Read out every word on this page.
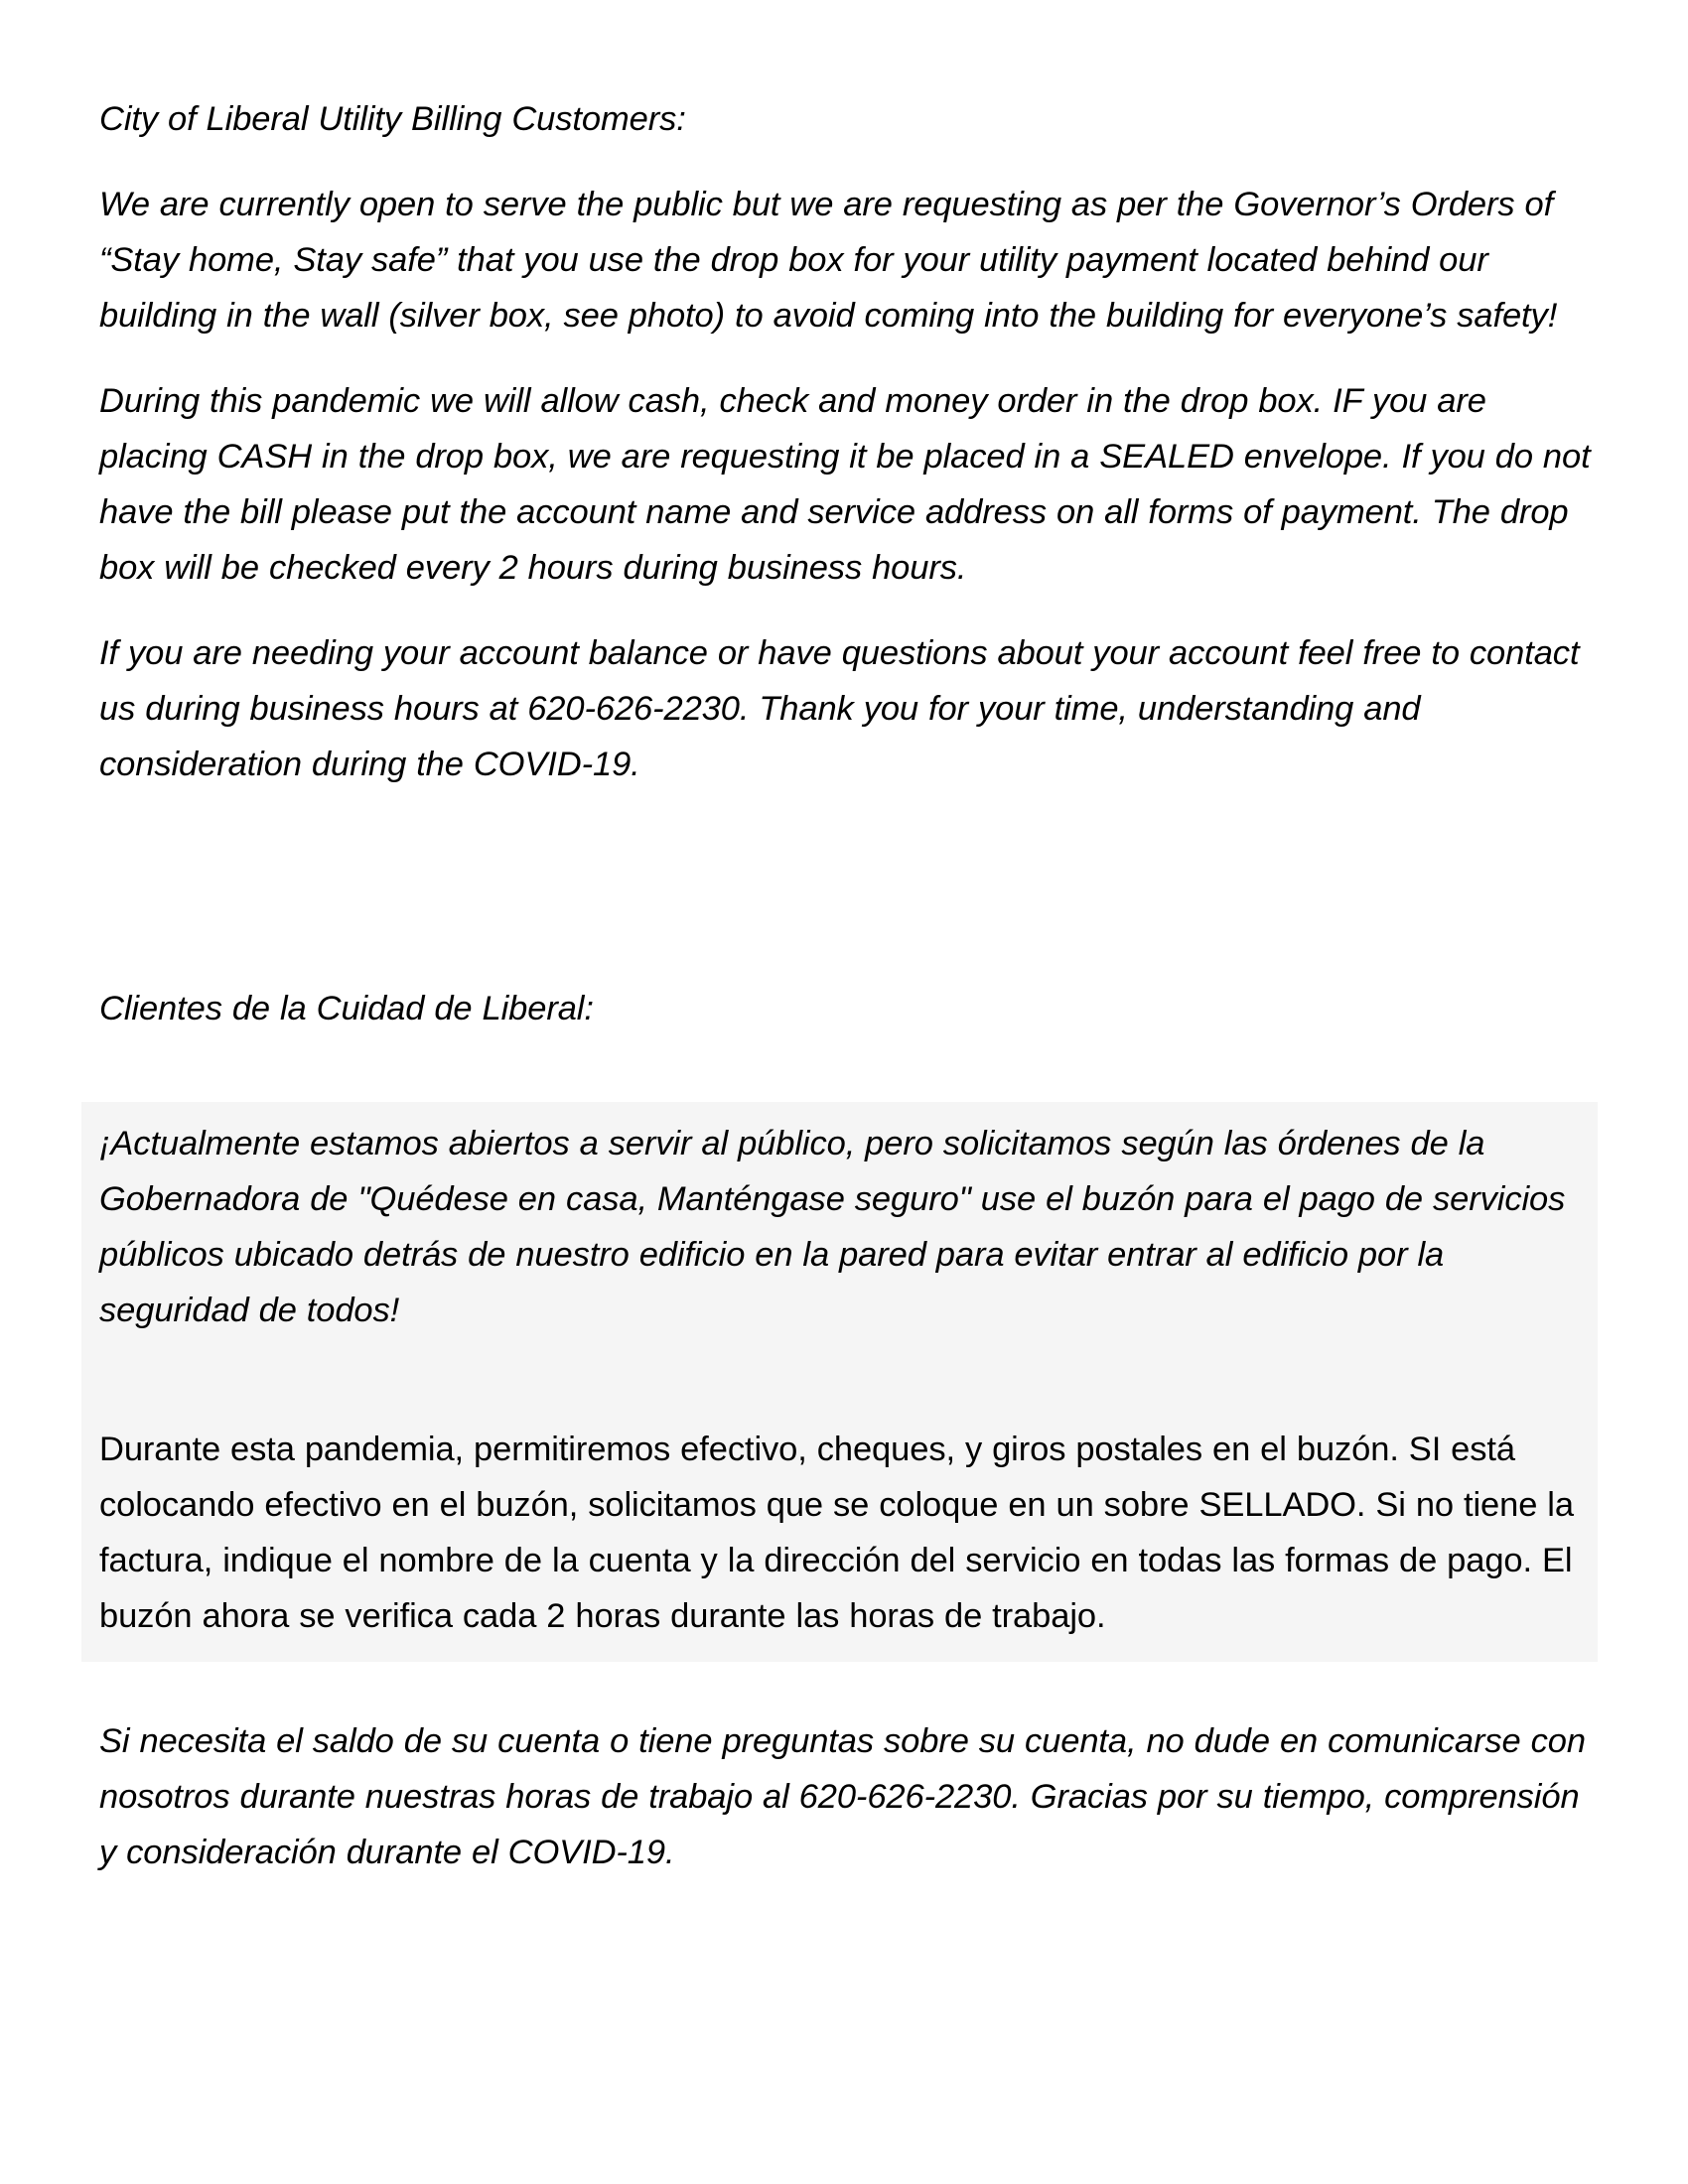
City of Liberal Utility Billing Customers:

We are currently open to serve the public but we are requesting as per the Governor’s Orders of “Stay home, Stay safe” that you use the drop box for your utility payment located behind our building in the wall (silver box, see photo) to avoid coming into the building for everyone’s safety!

During this pandemic we will allow cash, check and money order in the drop box. IF you are placing CASH in the drop box, we are requesting it be placed in a SEALED envelope. If you do not have the bill please put the account name and service address on all forms of payment. The drop box will be checked every 2 hours during business hours.

If you are needing your account balance or have questions about your account feel free to contact us during business hours at 620-626-2230. Thank you for your time, understanding and consideration during the COVID-19.

Clientes de la Cuidad de Liberal:

¡Actualmente estamos abiertos a servir al público, pero solicitamos según las órdenes de la Gobernadora de "Quédese en casa, Manténgase seguro" use el buzón para el pago de servicios públicos ubicado detrás de nuestro edificio en la pared para evitar entrar al edificio por la seguridad de todos!

Durante esta pandemia, permitiremos efectivo, cheques, y giros postales en el buzón. SI está colocando efectivo en el buzón, solicitamos que se coloque en un sobre SELLADO. Si no tiene la factura, indique el nombre de la cuenta y la dirección del servicio en todas las formas de pago. El buzón ahora se verifica cada 2 horas durante las horas de trabajo.

Si necesita el saldo de su cuenta o tiene preguntas sobre su cuenta, no dude en comunicarse con nosotros durante nuestras horas de trabajo al 620-626-2230. Gracias por su tiempo, comprensión y consideración durante el COVID-19.
